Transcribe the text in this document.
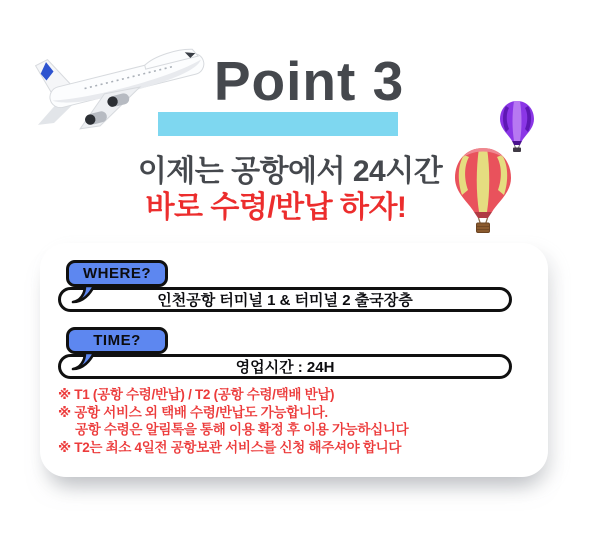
Point 3
이제는 공항에서 24시간
바로 수령/반납 하자!
WHERE?
인천공항 터미널 1 & 터미널 2 출국장층
TIME?
영업시간 : 24H
※ T1 (공항 수령/반납) / T2 (공항 수령/택배 반납)
※ 공항 서비스 외 택배 수령/반납도 가능합니다.
공항 수령은 알림톡을 통해 이용 확정 후 이용 가능하십니다
※ T2는 최소 4일전 공항보관 서비스를 신청 해주셔야 합니다
